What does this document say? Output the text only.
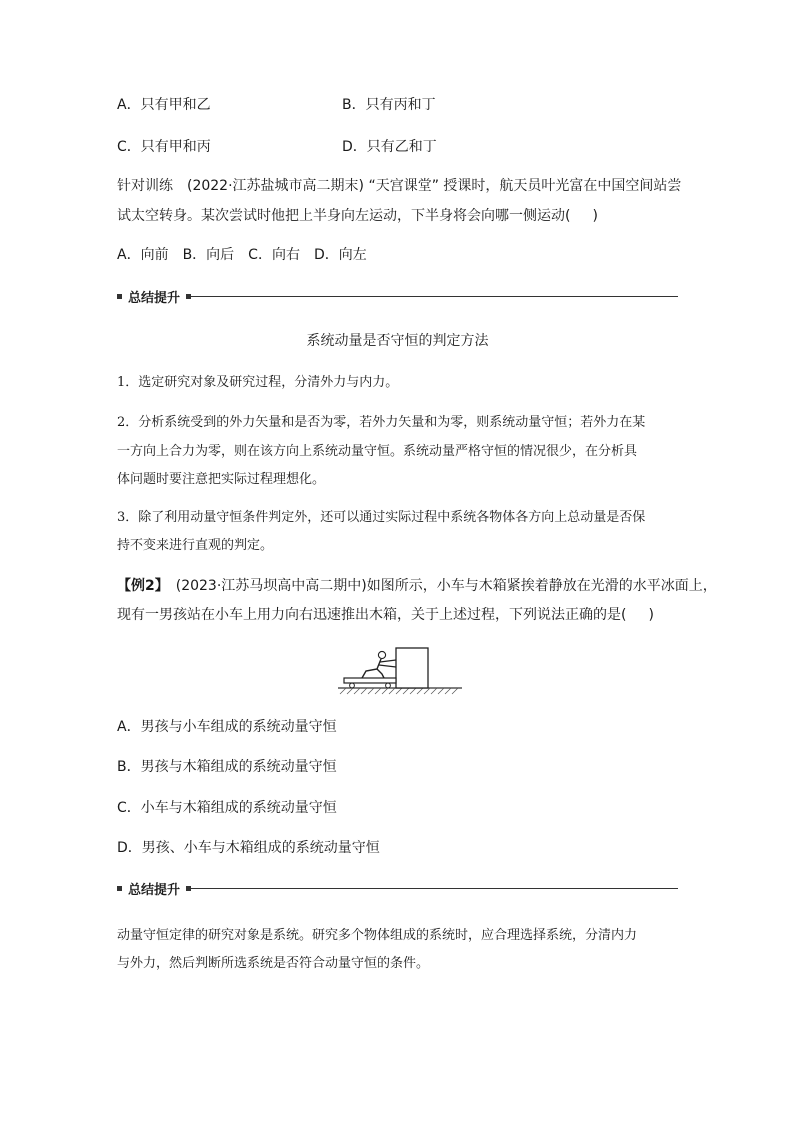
A．只有甲和乙	B．只有丙和丁
C．只有甲和丙	D．只有乙和丁
针对训练　(2022·江苏盐城市高二期末) “天宫课堂” 授课时，航天员叶光富在中国空间站尝
试太空转身。某次尝试时他把上半身向左运动，下半身将会向哪一侧运动( )
A．向前　B．向后　C．向右　D．向左
总结提升
系统动量是否守恒的判定方法
1．选定研究对象及研究过程，分清外力与内力。
2．分析系统受到的外力矢量和是否为零，若外力矢量和为零，则系统动量守恒；若外力在某
一方向上合力为零，则在该方向上系统动量守恒。系统动量严格守恒的情况很少，在分析具
体问题时要注意把实际过程理想化。
3．除了利用动量守恒条件判定外，还可以通过实际过程中系统各物体各方向上总动量是否保
持不变来进行直观的判定。
【例2】　(2023·江苏马坝高中高二期中)如图所示，小车与木箱紧挨着静放在光滑的水平冰面上，
现有一男孩站在小车上用力向右迅速推出木箱，关于上述过程，下列说法正确的是( )
A．男孩与小车组成的系统动量守恒
B．男孩与木箱组成的系统动量守恒
C．小车与木箱组成的系统动量守恒
D．男孩、小车与木箱组成的系统动量守恒
总结提升
动量守恒定律的研究对象是系统。研究多个物体组成的系统时，应合理选择系统，分清内力
与外力，然后判断所选系统是否符合动量守恒的条件。
